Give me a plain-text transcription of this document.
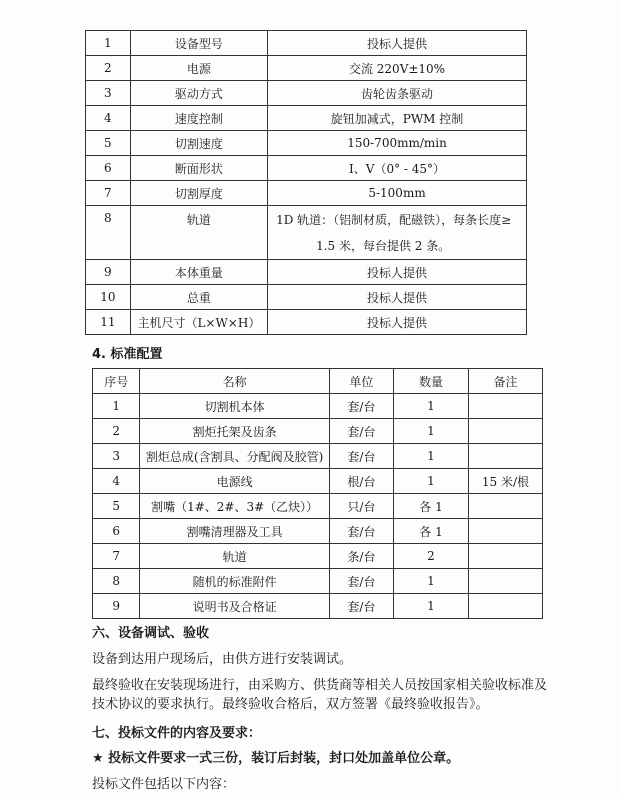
1	设备型号	投标人提供
2	电源	交流 220V±10%
3	驱动方式	齿轮齿条驱动
4	速度控制	旋钮加减式，PWM 控制
5	切割速度	150-700mm/min
6	断面形状	I、V（0° - 45°）
7	切割厚度	5-100mm
8	轨道	1D 轨道：（铝制材质，配磁铁），每条长度≥
1.5 米，每台提供 2 条。

9	本体重量	投标人提供
10	总重	投标人提供
11	主机尺寸（L×W×H）	投标人提供
4. 标准配置
序号	名称	单位	数量	备注
1	切割机本体	套/台	1	
2	割炬托架及齿条	套/台	1	
3	割炬总成(含割具、分配阀及胶管)	套/台	1	
4	电源线	根/台	1	15 米/根
5	割嘴（1#、2#、3#（乙炔））	只/台	各 1	
6	割嘴清理器及工具	套/台	各 1	
7	轨道	条/台	2	
8	随机的标准附件	套/台	1	
9	说明书及合格证	套/台	1	
六、设备调试、验收
设备到达用户现场后，由供方进行安装调试。
最终验收在安装现场进行，由采购方、供货商等相关人员按国家相关验收标准及技术协议的要求执行。最终验收合格后，双方签署《最终验收报告》。
七、投标文件的内容及要求：
★ 投标文件要求一式三份，装订后封装，封口处加盖单位公章。
投标文件包括以下内容：
